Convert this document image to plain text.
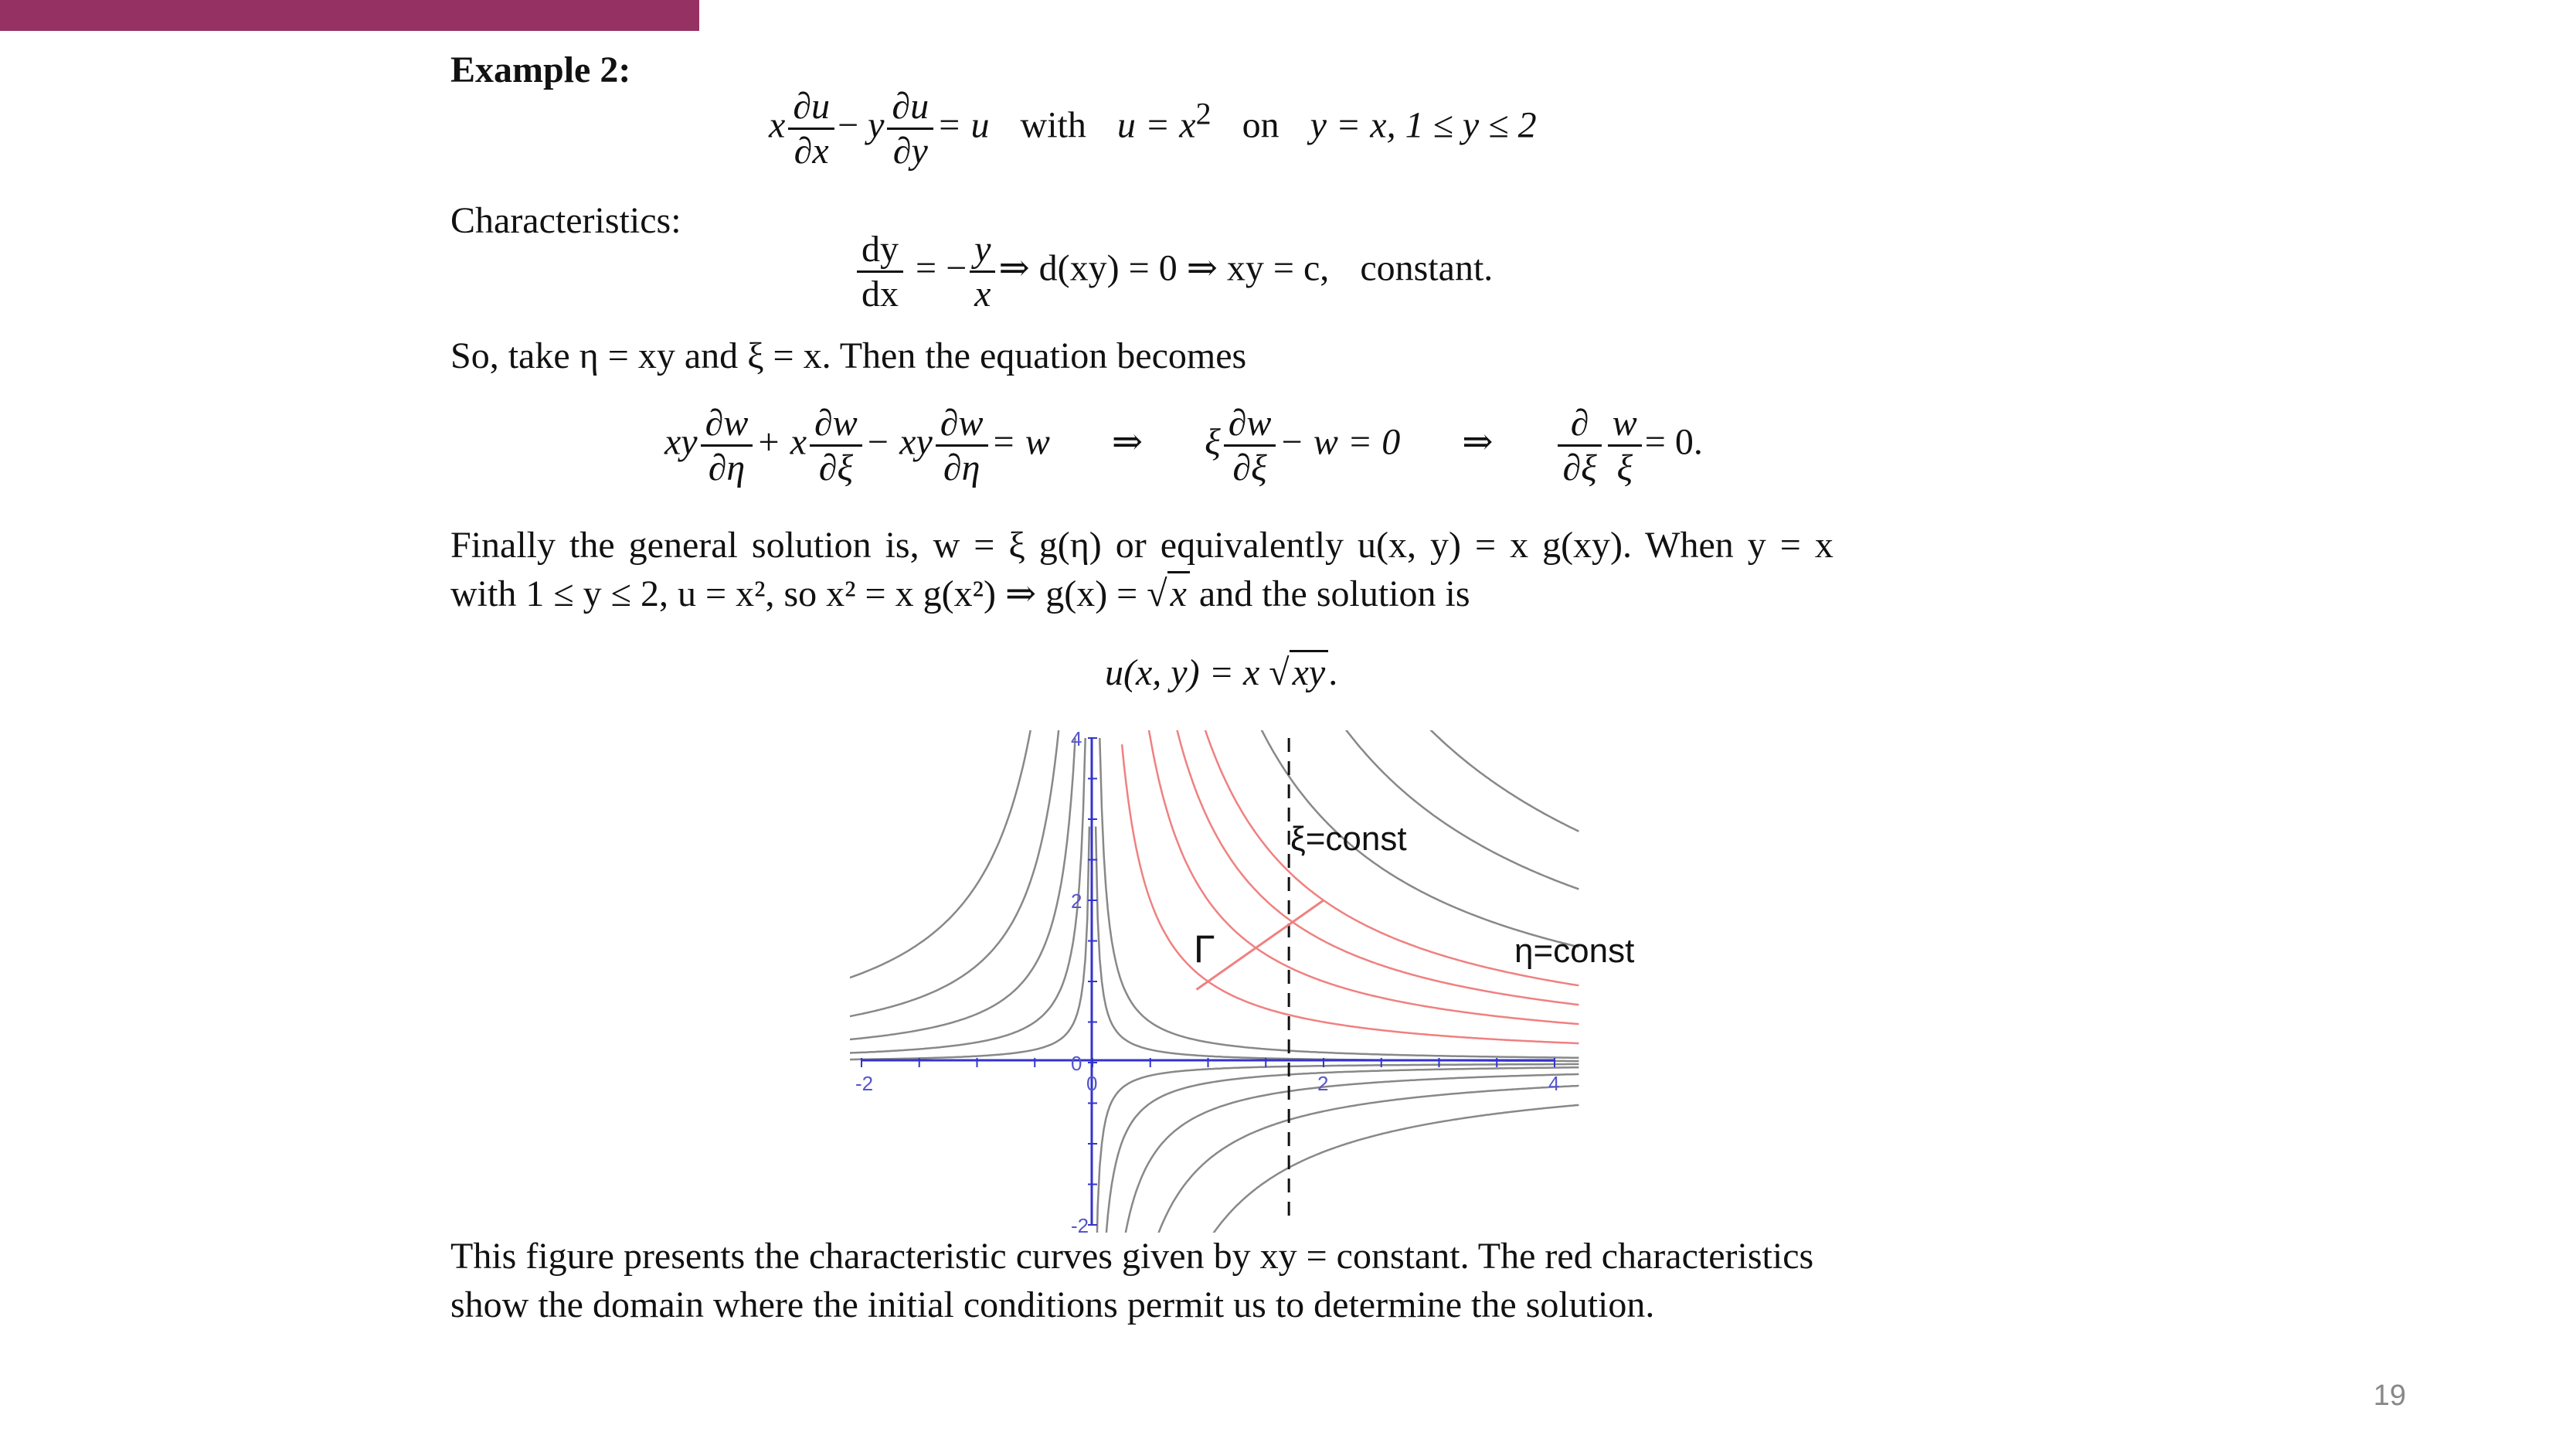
Example 2:
x $\frac{\partial u}{\partial x} - y \frac{\partial u}{\partial y} = u$ with $u = x^2$ on y = x, 1 ≤ y ≤ 2
Characteristics:
$\frac{dy}{dx}$ = − $\frac{y}{x}$ ⇒ d(xy) = 0 ⇒ xy = c, constant.
So, take η = xy and ξ = x. Then the equation becomes
xy $\frac{\partial w}{\partial\eta} + x \frac{\partial w}{\partial\xi}$ − xy $\frac{\partial w}{\partial\eta} = w$ ⇒ ξ $\frac{\partial w}{\partial\xi} - w = 0$ ⇒ $\frac{\partial}{\partial\xi} \frac{w}{\xi} = 0$.
Finally the general solution is, w = ξ g(η) or equivalently u(x, y) = x g(xy). When y = x
with 1 ≤ y ≤ 2, u = x², so x² = x g(x²) ⇒ g(x) = √x and the solution is
u(x, y) = x √xy.
-2	0	2	4
-2
0
2
4
ξ=const
η=const
Γ
This figure presents the characteristic curves given by xy = constant. The red characteristics
show the domain where the initial conditions permit us to determine the solution.
19
